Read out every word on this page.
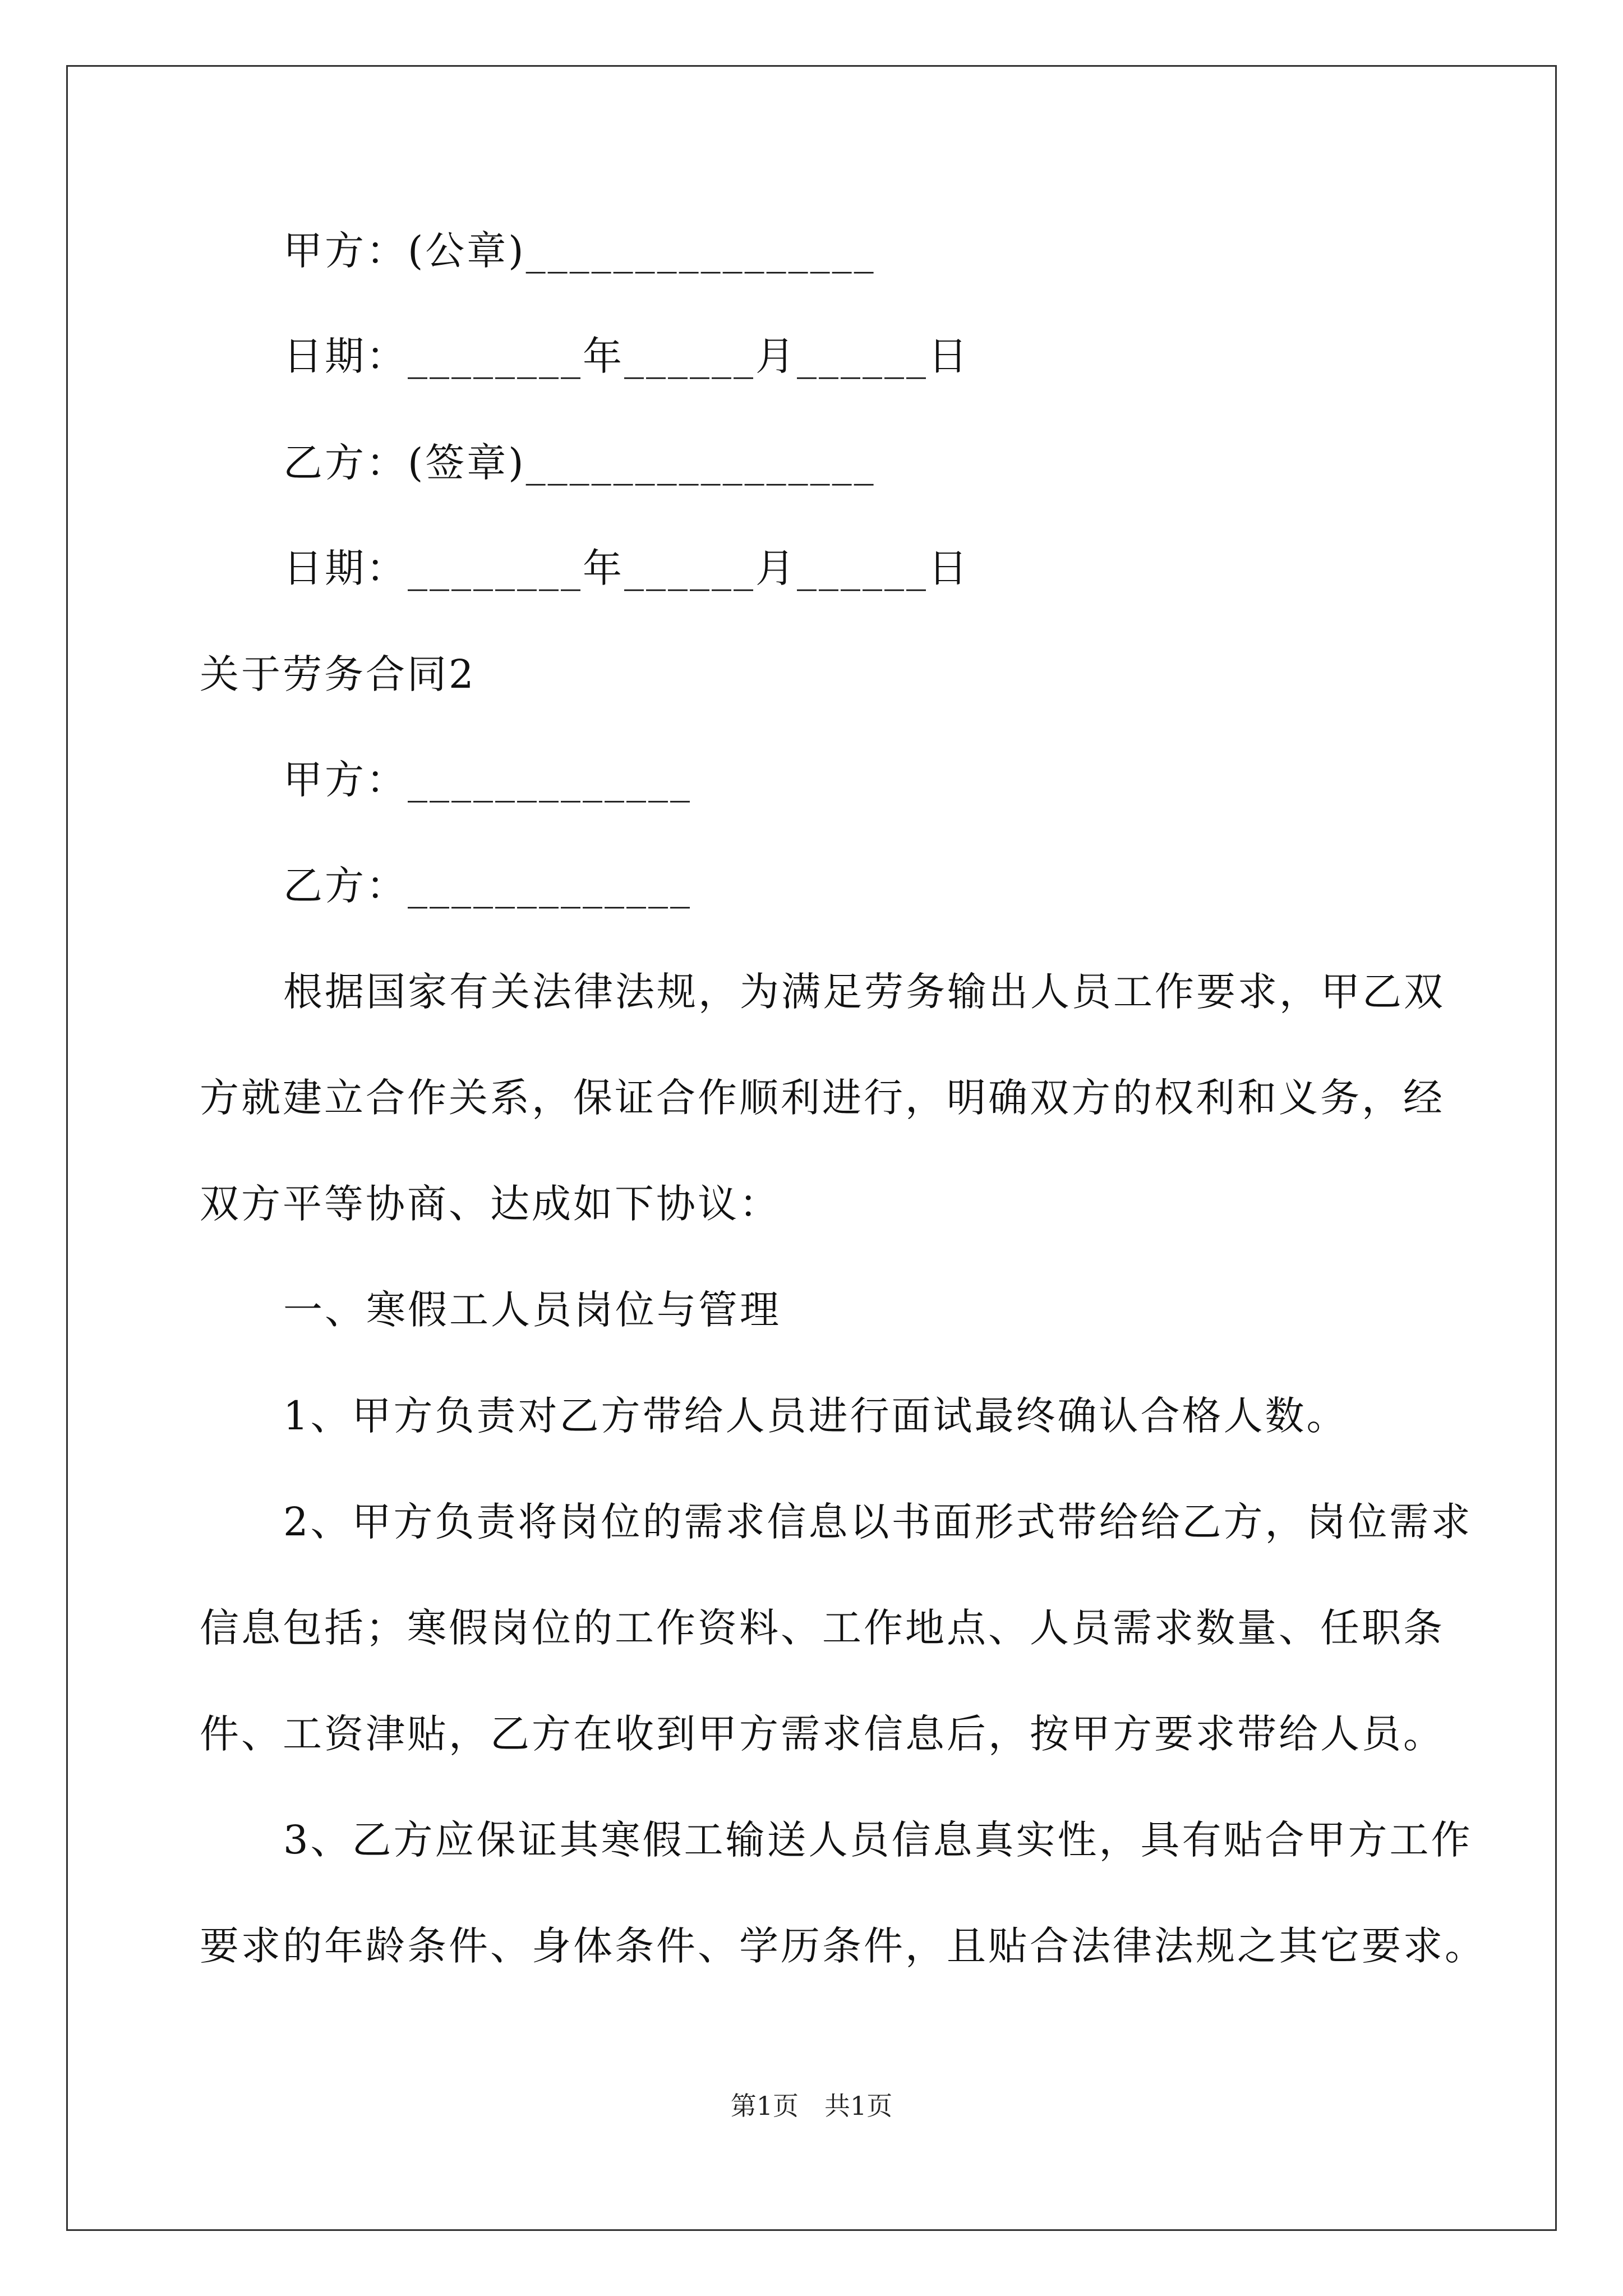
甲方：(公章)________________
日期：________年______月______日
乙方：(签章)________________
日期：________年______月______日
关于劳务合同2
甲方：_____________
乙方：_____________
根据国家有关法律法规，为满足劳务输出人员工作要求，甲乙双
方就建立合作关系，保证合作顺利进行，明确双方的权利和义务，经
双方平等协商、达成如下协议：
一、寒假工人员岗位与管理
1、甲方负责对乙方带给人员进行面试最终确认合格人数。
2、甲方负责将岗位的需求信息以书面形式带给给乙方，岗位需求
信息包括；寒假岗位的工作资料、工作地点、人员需求数量、任职条
件、工资津贴，乙方在收到甲方需求信息后，按甲方要求带给人员。
3、乙方应保证其寒假工输送人员信息真实性，具有贴合甲方工作
要求的年龄条件、身体条件、学历条件，且贴合法律法规之其它要求。
第1页　共1页
